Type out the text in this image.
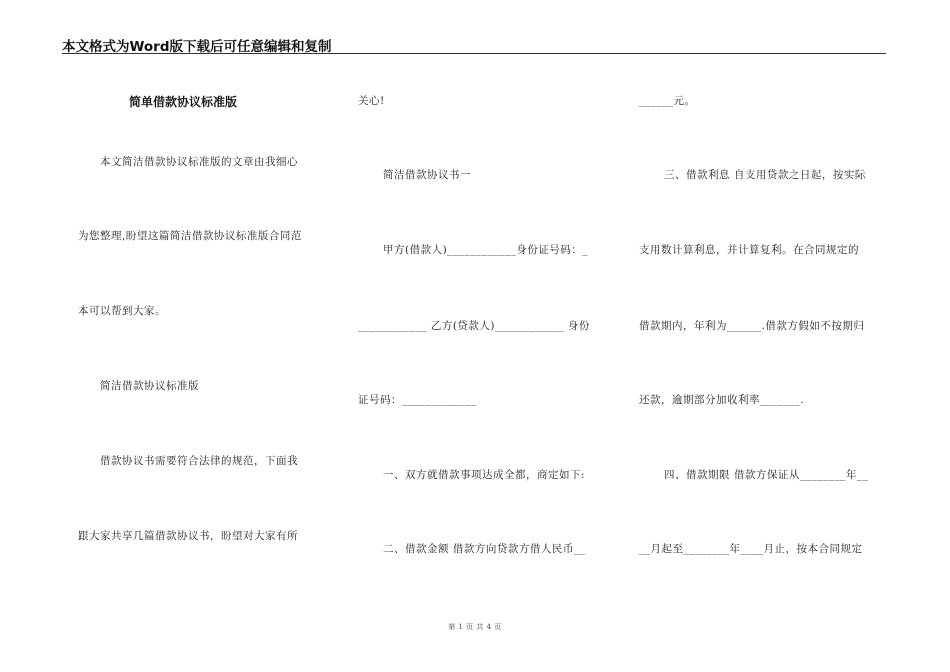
本文格式为Word版下载后可任意编辑和复制
简单借款协议标准版
本文简洁借款协议标准版的文章由我细心
为您整理,盼望这篇简洁借款协议标准版合同范
本可以帮到大家。
简洁借款协议标准版
借款协议书需要符合法律的规范，下面我
跟大家共享几篇借款协议书，盼望对大家有所
关心!
简洁借款协议书一
甲方(借款人)____________身份证号码：_
____________ 乙方(贷款人)____________ 身份
证号码：_____________
一、双方就借款事项达成全都，商定如下:
二、借款金额 借款方向贷款方借人民币__
______元。
三、借款利息 自支用贷款之日起，按实际
支用数计算利息，并计算复利。在合同规定的
借款期内，年利为______.借款方假如不按期归
还款，逾期部分加收利率_______.
四、借款期限 借款方保证从________年__
__月起至________年____月止，按本合同规定
第 1 页 共 4 页
